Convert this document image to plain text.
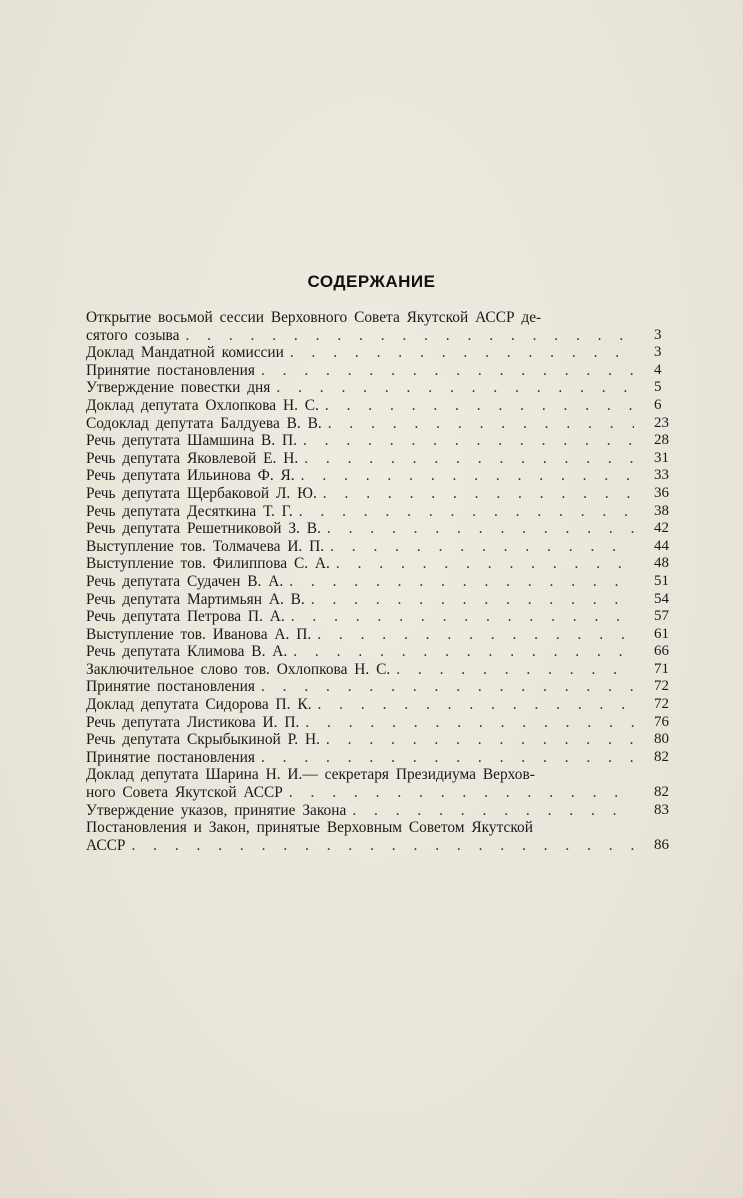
СОДЕРЖАНИЕ
Открытие восьмой сессии Верховного Совета Якутской АССР де-
сятого созыва . . .	3
Доклад Мандатной комиссии . . .	3
Принятие постановления . . .	4
Утверждение повестки дня . . .	5
Доклад депутата Охлопкова Н. С. . . .	6
Содоклад депутата Балдуева В. В. . . .	23
Речь депутата Шамшина В. П. . . .	28
Речь депутата Яковлевой Е. Н. . . .	31
Речь депутата Ильинова Ф. Я. . . .	33
Речь депутата Щербаковой Л. Ю. . . .	36
Речь депутата Десяткина Т. Г. . . .	38
Речь депутата Решетниковой З. В. . . .	42
Выступление тов. Толмачева И. П. . . .	44
Выступление тов. Филиппова С. А. . . .	48
Речь депутата Судачен В. А. . . .	51
Речь депутата Мартимьян А. В. . . .	54
Речь депутата Петрова П. А. . . .	57
Выступление тов. Иванова А. П. . . .	61
Речь депутата Климова В. А. . . .	66
Заключительное слово тов. Охлопкова Н. С. . . .	71
Принятие постановления . . .	72
Доклад депутата Сидорова П. К. . . .	72
Речь депутата Листикова И. П. . . .	76
Речь депутата Скрыбыкиной Р. Н. . . .	80
Принятие постановления . . .	82
Доклад депутата Шарина Н. И.— секретаря Президиума Верхов-
ного Совета Якутской АССР . . .	82
Утверждение указов, принятие Закона . . .	83
Постановления и Закон, принятые Верховным Советом Якутской
АССР . . .	86
